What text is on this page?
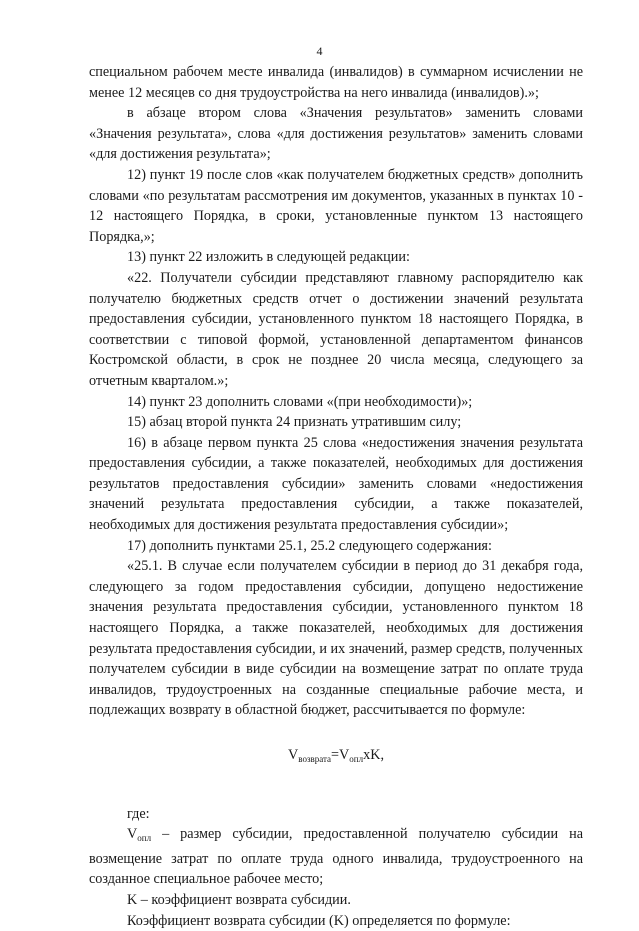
4

специальном рабочем месте инвалида (инвалидов) в суммарном исчислении не менее 12 месяцев со дня трудоустройства на него инвалида (инвалидов).»;

в абзаце втором слова «Значения результатов» заменить словами «Значения результата», слова «для достижения результатов» заменить словами «для достижения результата»;

12) пункт 19 после слов «как получателем бюджетных средств» дополнить словами «по результатам рассмотрения им документов, указанных в пунктах 10 - 12 настоящего Порядка, в сроки, установленные пунктом 13 настоящего Порядка,»;

13) пункт 22 изложить в следующей редакции:

«22. Получатели субсидии представляют главному распорядителю как получателю бюджетных средств отчет о достижении значений результата предоставления субсидии, установленного пунктом 18 настоящего Порядка, в соответствии с типовой формой, установленной департаментом финансов Костромской области, в срок не позднее 20 числа месяца, следующего за отчетным кварталом.»;

14) пункт 23 дополнить словами «(при необходимости)»;

15) абзац второй пункта 24 признать утратившим силу;

16) в абзаце первом пункта 25 слова «недостижения значения результата предоставления субсидии, а также показателей, необходимых для достижения результатов предоставления субсидии» заменить словами «недостижения значений результата предоставления субсидии, а также показателей, необходимых для достижения результата предоставления субсидии»;

17) дополнить пунктами 25.1, 25.2 следующего содержания:

«25.1. В случае если получателем субсидии в период до 31 декабря года, следующего за годом предоставления субсидии, допущено недостижение значения результата предоставления субсидии, установленного пунктом 18 настоящего Порядка, а также показателей, необходимых для достижения результата предоставления субсидии, и их значений, размер средств, полученных получателем субсидии в виде субсидии на возмещение затрат по оплате труда инвалидов, трудоустроенных на созданные специальные рабочие места, и подлежащих возврату в областной бюджет, рассчитывается по формуле:

$V_{возврата}=V_{опл}xK$,

где:

$V_{опл}$ – размер субсидии, предоставленной получателю субсидии на возмещение затрат по оплате труда одного инвалида, трудоустроенного на созданное специальное рабочее место;

K – коэффициент возврата субсидии.

Коэффициент возврата субсидии (K) определяется по формуле:
